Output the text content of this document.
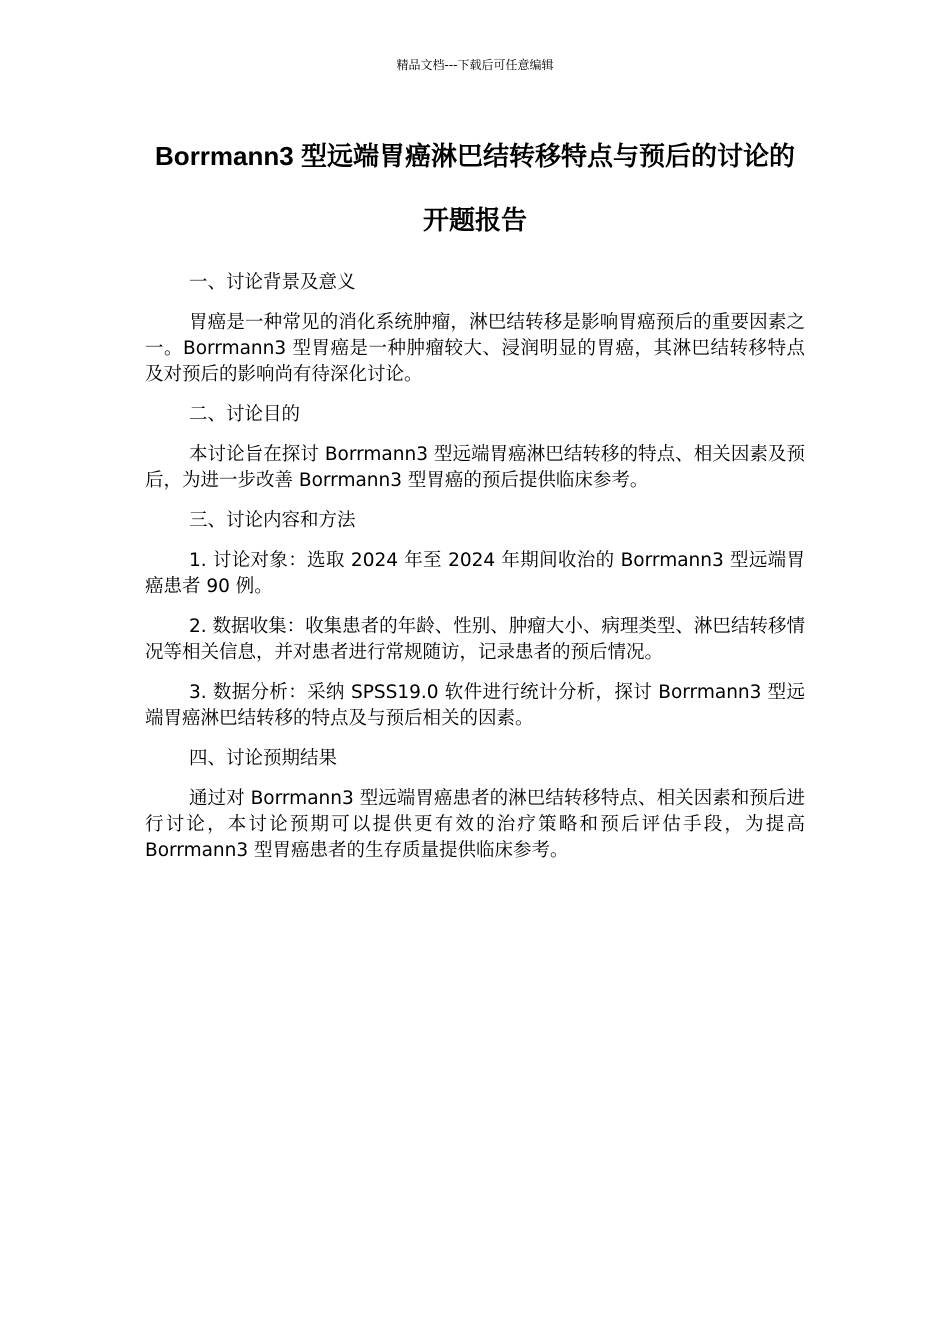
精品文档---下载后可任意编辑
Borrmann3 型远端胃癌淋巴结转移特点与预后的讨论的开题报告

一、讨论背景及意义

胃癌是一种常见的消化系统肿瘤，淋巴结转移是影响胃癌预后的重要因素之一。Borrmann3 型胃癌是一种肿瘤较大、浸润明显的胃癌，其淋巴结转移特点及对预后的影响尚有待深化讨论。

二、讨论目的

本讨论旨在探讨 Borrmann3 型远端胃癌淋巴结转移的特点、相关因素及预后，为进一步改善 Borrmann3 型胃癌的预后提供临床参考。

三、讨论内容和方法

1. 讨论对象：选取 2024 年至 2024 年期间收治的 Borrmann3 型远端胃癌患者 90 例。

2. 数据收集：收集患者的年龄、性别、肿瘤大小、病理类型、淋巴结转移情况等相关信息，并对患者进行常规随访，记录患者的预后情况。

3. 数据分析：采纳 SPSS19.0 软件进行统计分析，探讨 Borrmann3 型远端胃癌淋巴结转移的特点及与预后相关的因素。

四、讨论预期结果

通过对 Borrmann3 型远端胃癌患者的淋巴结转移特点、相关因素和预后进行讨论，本讨论预期可以提供更有效的治疗策略和预后评估手段，为提高 Borrmann3 型胃癌患者的生存质量提供临床参考。
